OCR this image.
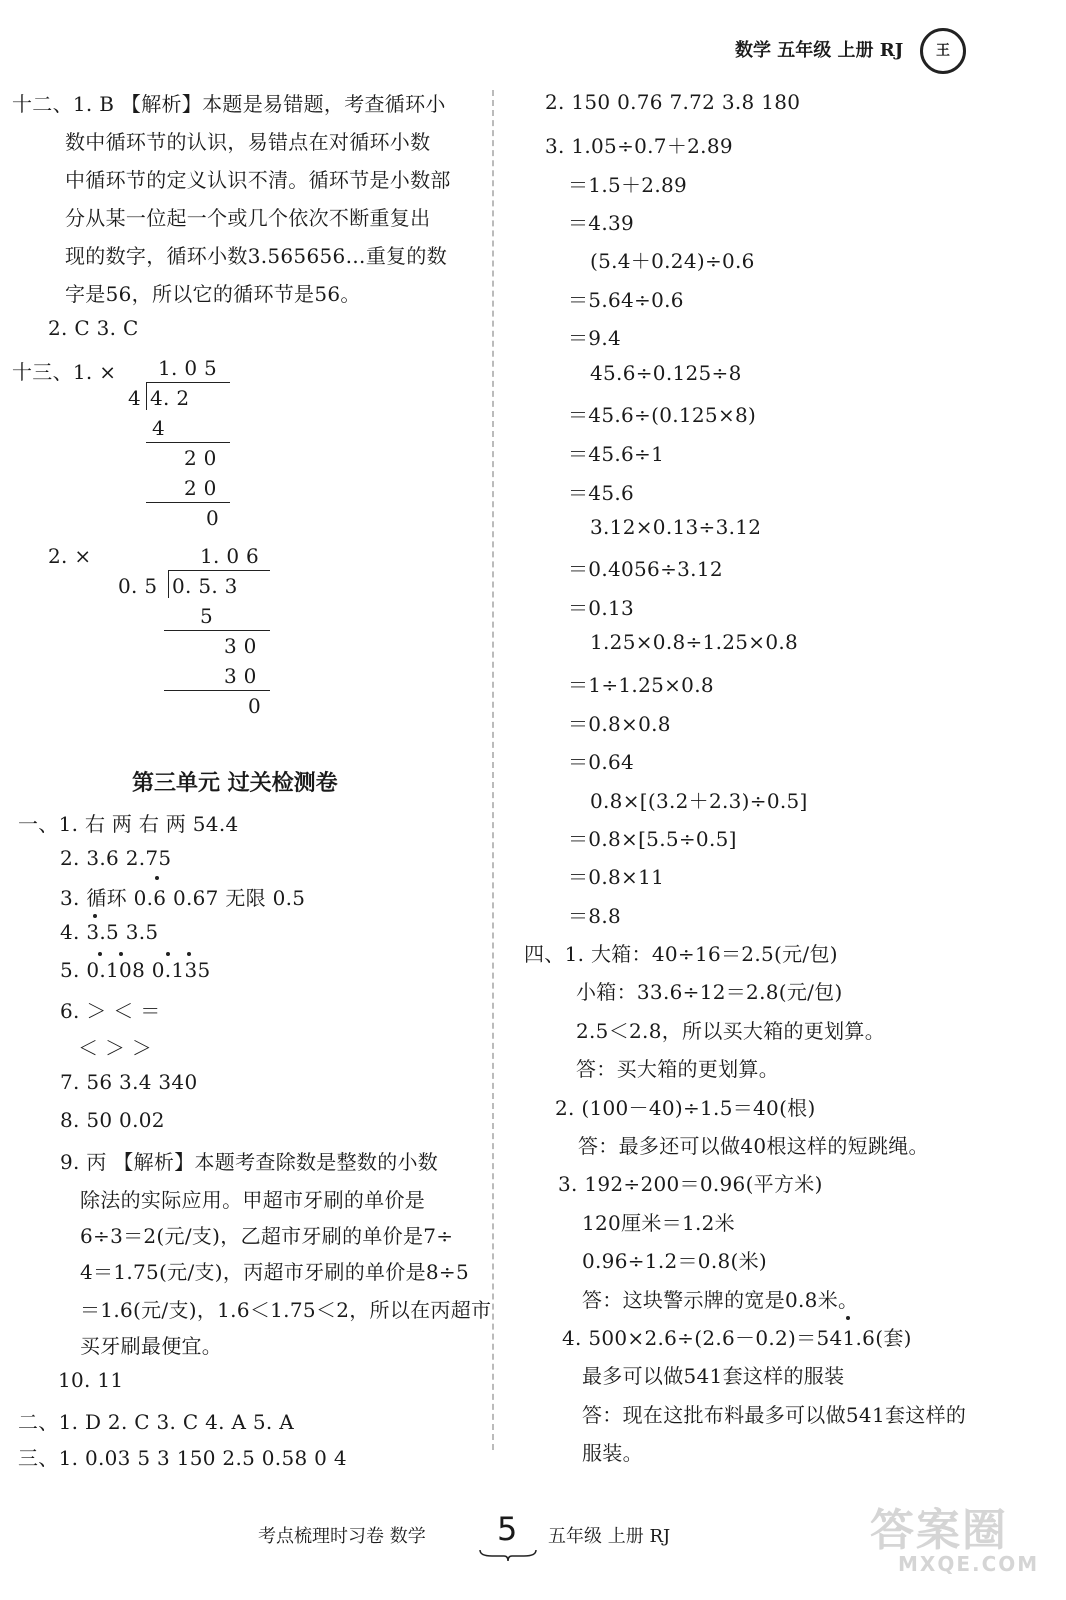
数学 五年级 上册 RJ	王
十二、1. B 【解析】本题是易错题，考查循环小
数中循环节的认识，易错点在对循环小数
中循环节的定义认识不清。循环节是小数部
分从某一位起一个或几个依次不断重复出
现的数字，循环小数3.565656…重复的数
字是56，所以它的循环节是56。
2. C 3. C
十三、1. × 1. 0 5
4 4. 2
4
2 0
2 0
0
2. ×	1. 0 6
0. 5 0. 5. 3
5
3 0
3 0
0
第三单元 过关检测卷
一、1. 右 两 右 两 54.4
2. 3.6 2.75
3. 循环 0.6 0.67 无限 0.5
4. 3.5 3.5
5. 0.108 0.135
6. ＞ ＜ ＝
＜ ＞ ＞
7. 56 3.4 340
8. 50 0.02
9. 丙 【解析】本题考查除数是整数的小数
除法的实际应用。甲超市牙刷的单价是
6÷3＝2(元/支)，乙超市牙刷的单价是7÷
4＝1.75(元/支)，丙超市牙刷的单价是8÷5
＝1.6(元/支)，1.6＜1.75＜2，所以在丙超市
买牙刷最便宜。
10. 11
二、1. D 2. C 3. C 4. A 5. A
三、1. 0.03 5 3 150 2.5 0.58 0 4
2. 150 0.76 7.72 3.8 180
3. 1.05÷0.7＋2.89
＝1.5＋2.89
＝4.39
(5.4＋0.24)÷0.6
＝5.64÷0.6
＝9.4
45.6÷0.125÷8
＝45.6÷(0.125×8)
＝45.6÷1
＝45.6
3.12×0.13÷3.12
＝0.4056÷3.12
＝0.13
1.25×0.8÷1.25×0.8
＝1÷1.25×0.8
＝0.8×0.8
＝0.64
0.8×[(3.2＋2.3)÷0.5]
＝0.8×[5.5÷0.5]
＝0.8×11
＝8.8
四、1. 大箱：40÷16＝2.5(元/包)
小箱：33.6÷12＝2.8(元/包)
2.5＜2.8，所以买大箱的更划算。
答：买大箱的更划算。
2. (100－40)÷1.5＝40(根)
答：最多还可以做40根这样的短跳绳。
3. 192÷200＝0.96(平方米)
120厘米＝1.2米
0.96÷1.2＝0.8(米)
答：这块警示牌的宽是0.8米。
4. 500×2.6÷(2.6－0.2)＝541.6(套)
最多可以做541套这样的服装
答：现在这批布料最多可以做541套这样的
服装。
考点梳理时习卷 数学 5 五年级 上册 RJ	答案圈
MXQE.COM
